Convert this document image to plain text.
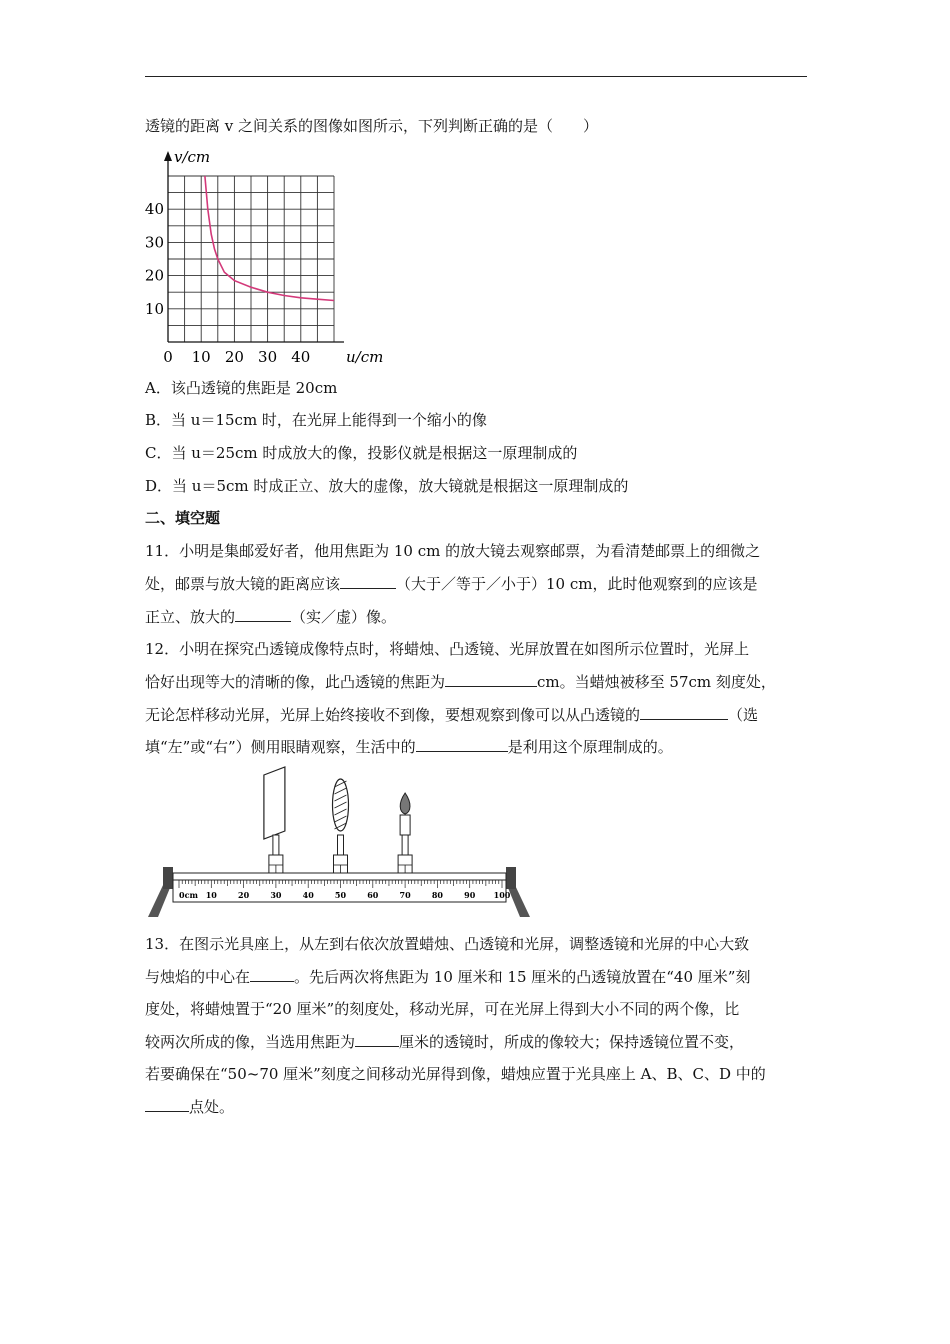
透镜的距离 v 之间关系的图像如图所示，下列判断正确的是（　　）
0 10 20 30 40
10
20
30
40
v/cm
u/cm
A．该凸透镜的焦距是 20cm
B．当 u＝15cm 时，在光屏上能得到一个缩小的像
C．当 u＝25cm 时成放大的像，投影仪就是根据这一原理制成的
D．当 u＝5cm 时成正立、放大的虚像，放大镜就是根据这一原理制成的
二、填空题
11．小明是集邮爱好者，他用焦距为 10 cm 的放大镜去观察邮票，为看清楚邮票上的细微之
处，邮票与放大镜的距离应该	（大于／等于／小于）10 cm，此时他观察到的应该是
正立、放大的	（实／虚）像。
12．小明在探究凸透镜成像特点时，将蜡烛、凸透镜、光屏放置在如图所示位置时，光屏上
恰好出现等大的清晰的像，此凸透镜的焦距为	cm。当蜡烛被移至 57cm 刻度处，
无论怎样移动光屏，光屏上始终接收不到像，要想观察到像可以从凸透镜的	（选
填“左”或“右”）侧用眼睛观察，生活中的	是利用这个原理制成的。
0cm 10	20	30	40	50	60	70	80	90 100
13．在图示光具座上，从左到右依次放置蜡烛、凸透镜和光屏，调整透镜和光屏的中心大致
与烛焰的中心在	。先后两次将焦距为 10 厘米和 15 厘米的凸透镜放置在“40 厘米”刻
度处，将蜡烛置于“20 厘米”的刻度处，移动光屏，可在光屏上得到大小不同的两个像，比
较两次所成的像，当选用焦距为	厘米的透镜时，所成的像较大；保持透镜位置不变，
若要确保在“50~70 厘米”刻度之间移动光屏得到像，蜡烛应置于光具座上 A、B、C、D 中的
点处。
